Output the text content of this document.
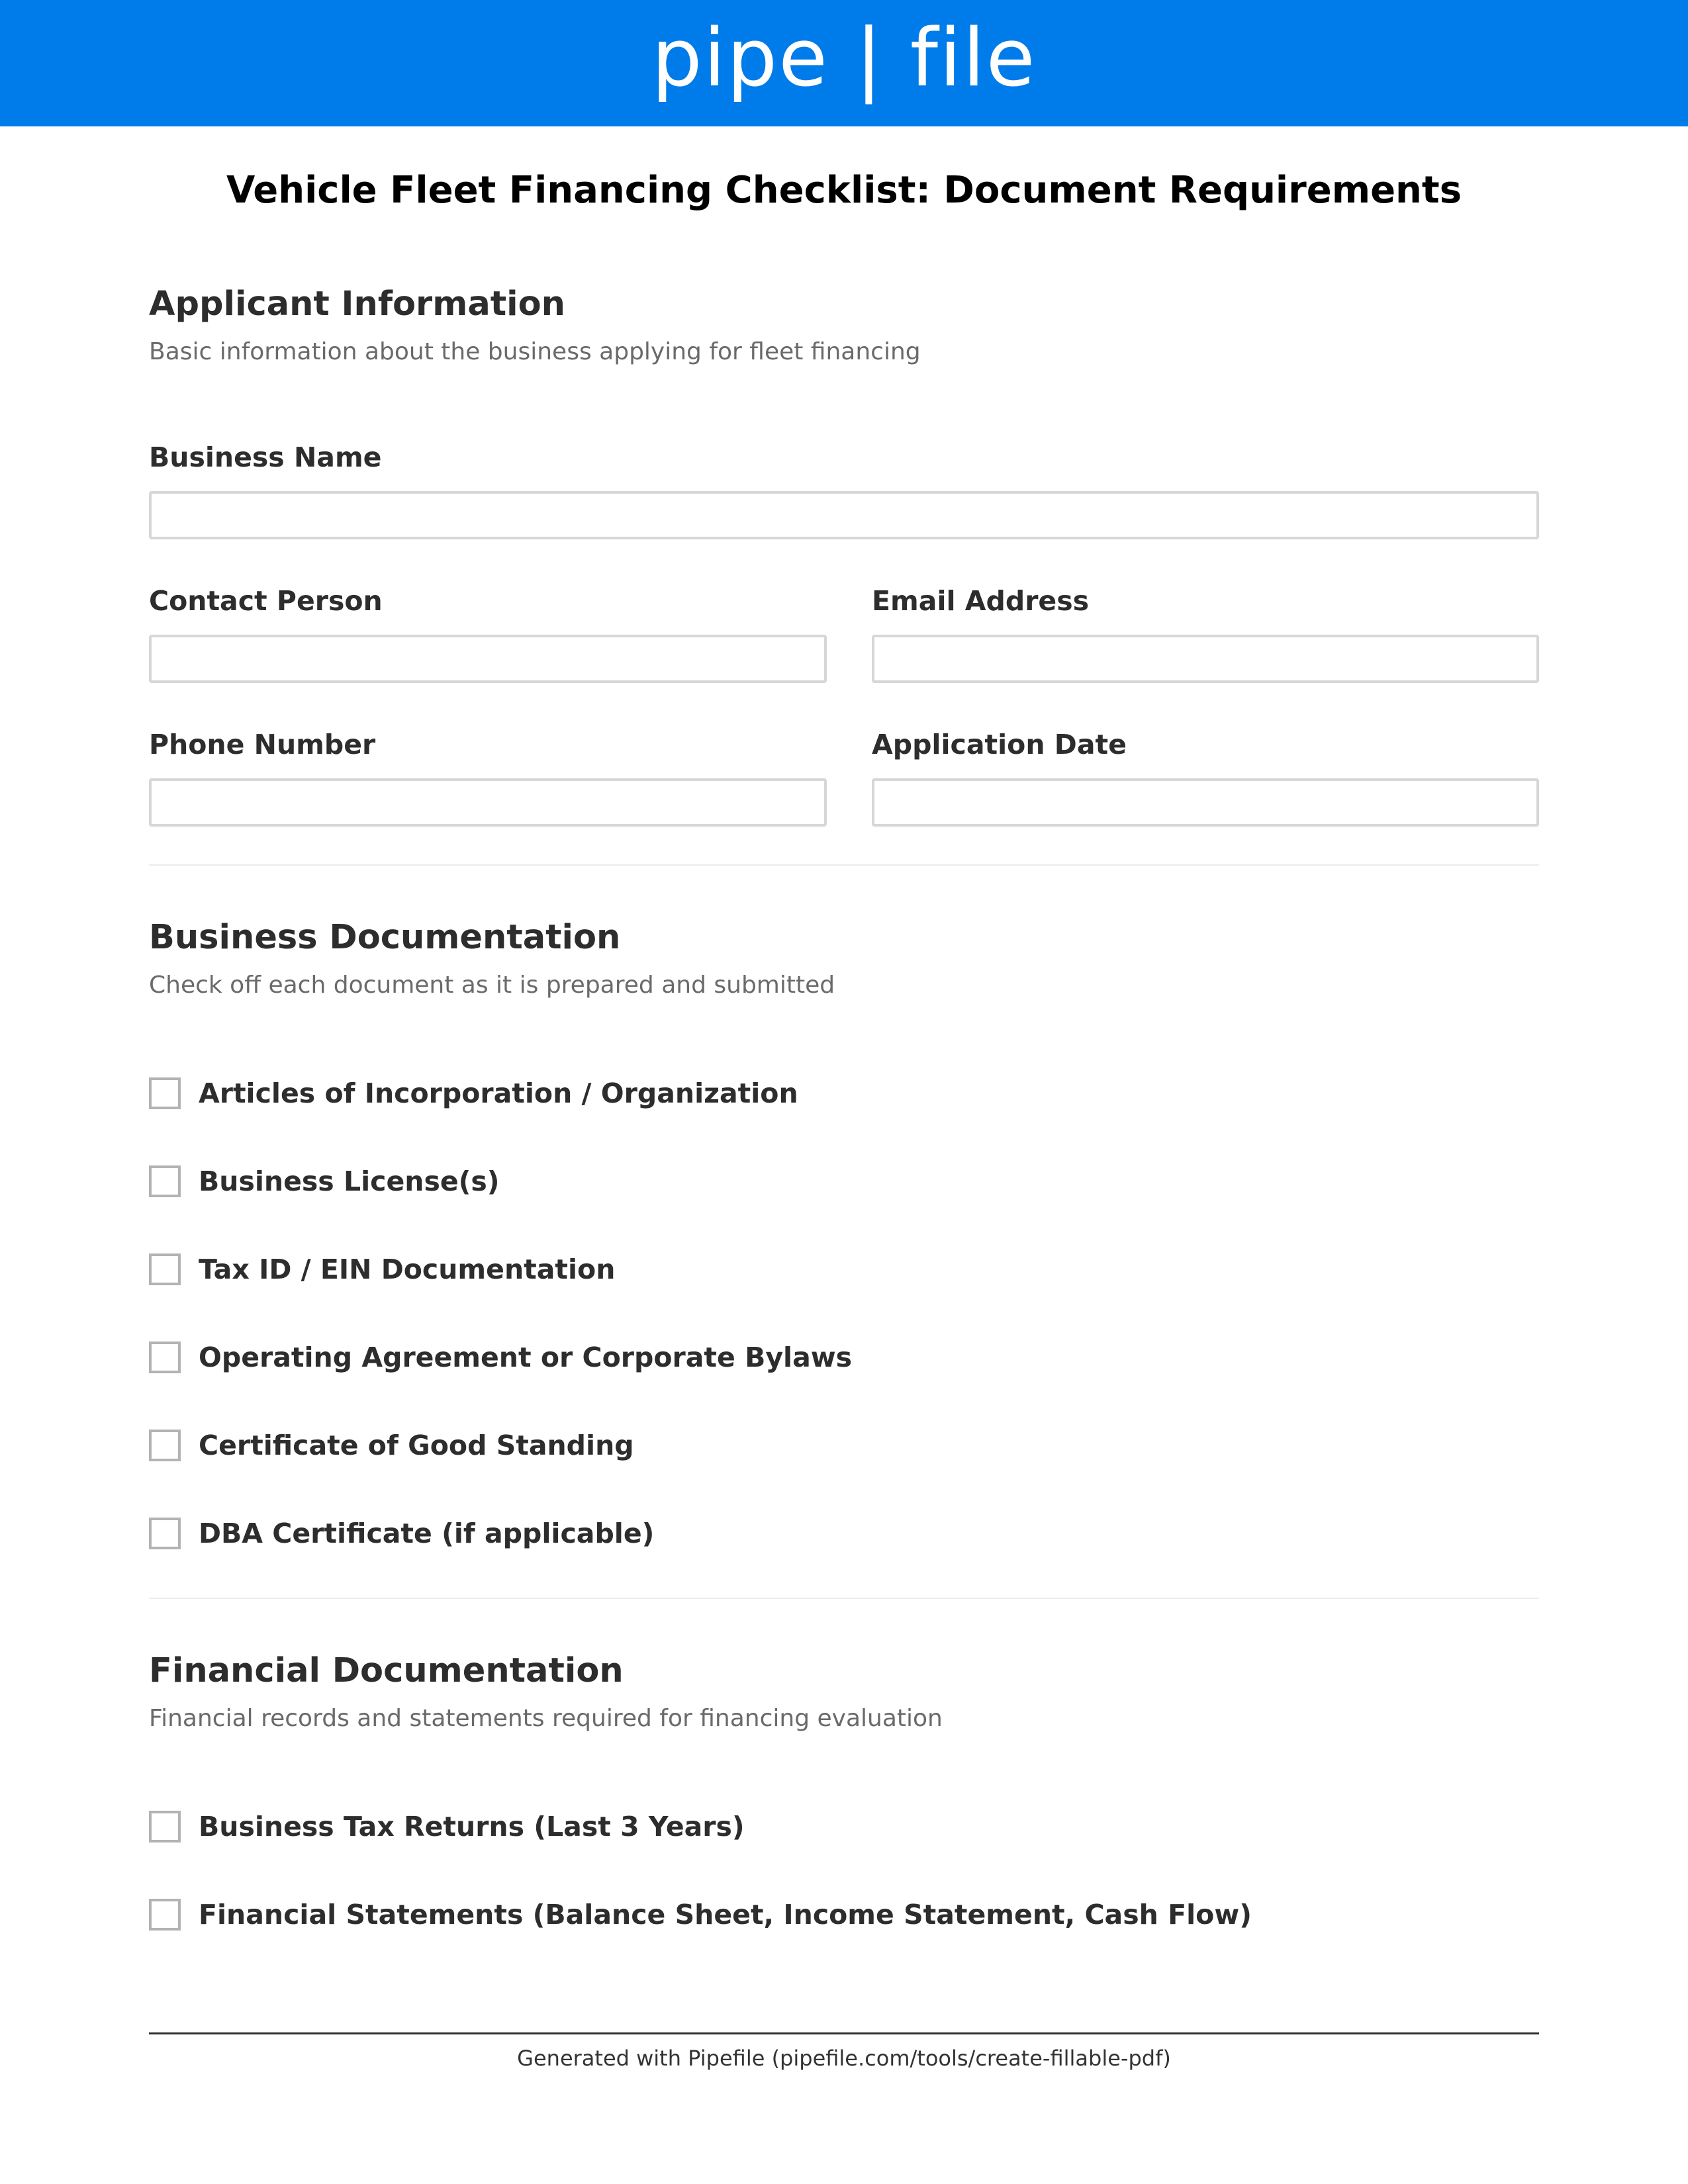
pipe | file
Vehicle Fleet Financing Checklist: Document Requirements
Applicant Information
Basic information about the business applying for fleet financing
Business Name
Contact Person	Email Address
Phone Number	Application Date
Business Documentation
Check off each document as it is prepared and submitted
Articles of Incorporation / Organization
Business License(s)
Tax ID / EIN Documentation
Operating Agreement or Corporate Bylaws
Certificate of Good Standing
DBA Certificate (if applicable)
Financial Documentation
Financial records and statements required for financing evaluation
Business Tax Returns (Last 3 Years)
Financial Statements (Balance Sheet, Income Statement, Cash Flow)
Generated with Pipefile (pipefile.com/tools/create-fillable-pdf)
